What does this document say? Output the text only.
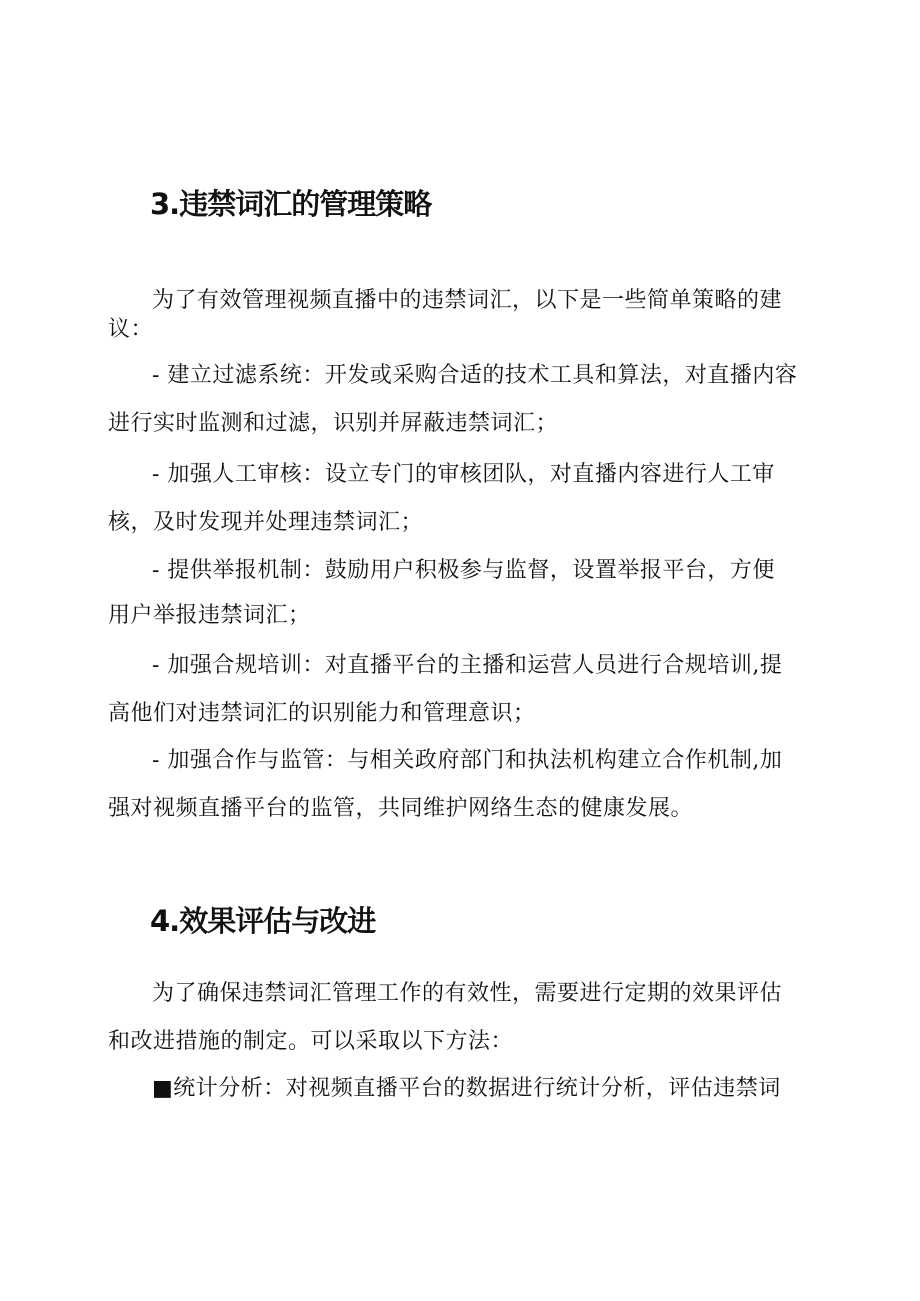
3.违禁词汇的管理策略
为了有效管理视频直播中的违禁词汇，以下是一些简单策略的建
议：
- 建立过滤系统：开发或采购合适的技术工具和算法，对直播内容
进行实时监测和过滤，识别并屏蔽违禁词汇；
- 加强人工审核：设立专门的审核团队，对直播内容进行人工审
核，及时发现并处理违禁词汇；
- 提供举报机制：鼓励用户积极参与监督，设置举报平台，方便
用户举报违禁词汇；
- 加强合规培训：对直播平台的主播和运营人员进行合规培训,提
高他们对违禁词汇的识别能力和管理意识；
- 加强合作与监管：与相关政府部门和执法机构建立合作机制,加
强对视频直播平台的监管，共同维护网络生态的健康发展。
4.效果评估与改进
为了确保违禁词汇管理工作的有效性，需要进行定期的效果评估
和改进措施的制定。可以采取以下方法：
■统计分析：对视频直播平台的数据进行统计分析，评估违禁词
